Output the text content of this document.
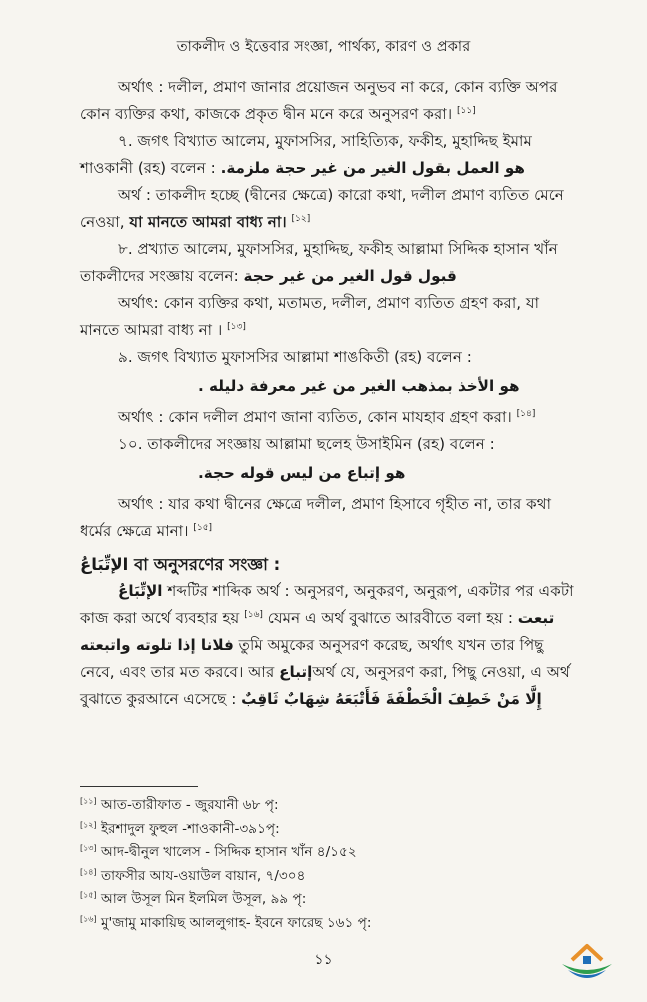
তাকলীদ ও ইত্তেবার সংজ্ঞা, পার্থক্য, কারণ ও প্রকার

অর্থাৎ : দলীল, প্রমাণ জানার প্রয়োজন অনুভব না করে, কোন ব্যক্তি অপর কোন ব্যক্তির কথা, কাজকে প্রকৃত দ্বীন মনে করে অনুসরণ করা। [১১]

৭. জগৎ বিখ্যাত আলেম, মুফাসসির, সাহিত্যিক, ফকীহ, মুহাদ্দিছ ইমাম শাওকানী (রহ) বলেন : هو العمل بقول الغير من غير حجة ملزمة.

অর্থ : তাকলীদ হচ্ছে (দ্বীনের ক্ষেত্রে) কারো কথা, দলীল প্রমাণ ব্যতিত মেনে নেওয়া, যা মানতে আমরা বাধ্য না। [১২]

৮. প্রখ্যাত আলেম, মুফাসসির, মুহাদ্দিছ, ফকীহ আল্লামা সিদ্দিক হাসান খাঁন তাকলীদের সংজ্ঞায় বলেন: قبول قول الغير من غير حجة

অর্থাৎ: কোন ব্যক্তির কথা, মতামত, দলীল, প্রমাণ ব্যতিত গ্রহণ করা, যা মানতে আমরা বাধ্য না । [১৩]

৯. জগৎ বিখ্যাত মুফাসসির আল্লামা শাঙকিতী (রহ) বলেন :

هو الأخذ بمذهب الغير من غير معرفة دليله .

অর্থাৎ : কোন দলীল প্রমাণ জানা ব্যতিত, কোন মাযহাব গ্রহণ করা। [১৪]

১০. তাকলীদের সংজ্ঞায় আল্লামা ছলেহ উসাইমিন (রহ) বলেন :

هو إتباع من ليس قوله حجة.

অর্থাৎ : যার কথা দ্বীনের ক্ষেত্রে দলীল, প্রমাণ হিসাবে গৃহীত না, তার কথা ধর্মের ক্ষেত্রে মানা। [১৫]

الإتِّبَاعُ বা অনুসরণের সংজ্ঞা :

الإتِّبَاعُ শব্দটির শাব্দিক অর্থ : অনুসরণ, অনুকরণ, অনুরূপ, একটার পর একটা কাজ করা অর্থে ব্যবহার হয় [১৬] যেমন এ অর্থ বুঝাতে আরবীতে বলা হয় : تبعت فلانا إذا تلوته واتبعته তুমি অমুকের অনুসরণ করেছ, অর্থাৎ যখন তার পিছু নেবে, এবং তার মত করবে। আর إتباعঅর্থ যে, অনুসরণ করা, পিছু নেওয়া, এ অর্থ বুঝাতে কুরআনে এসেছে : إِلَّا مَنْ خَطِفَ الْخَطْفَةَ فَأَتْبَعَهُ شِهَابٌ ثَاقِبٌ

[১১] আত-তারীফাত - জুরযানী ৬৮ পৃ:
[১২] ইরশাদুল ফুহুল -শাওকানী-৩৯১পৃ:
[১৩] আদ-দ্বীনুল খালেস - সিদ্দিক হাসান খাঁন ৪/১৫২
[১৪] তাফসীর আয-ওয়াউল বায়ান, ৭/৩০৪
[১৫] আল উসূল মিন ইলমিল উসূল, ৯৯ পৃ:
[১৬] মু'জামু মাকায়িছ আললুগাহ- ইবনে ফারেছ ১৬১ পৃ:
১১
